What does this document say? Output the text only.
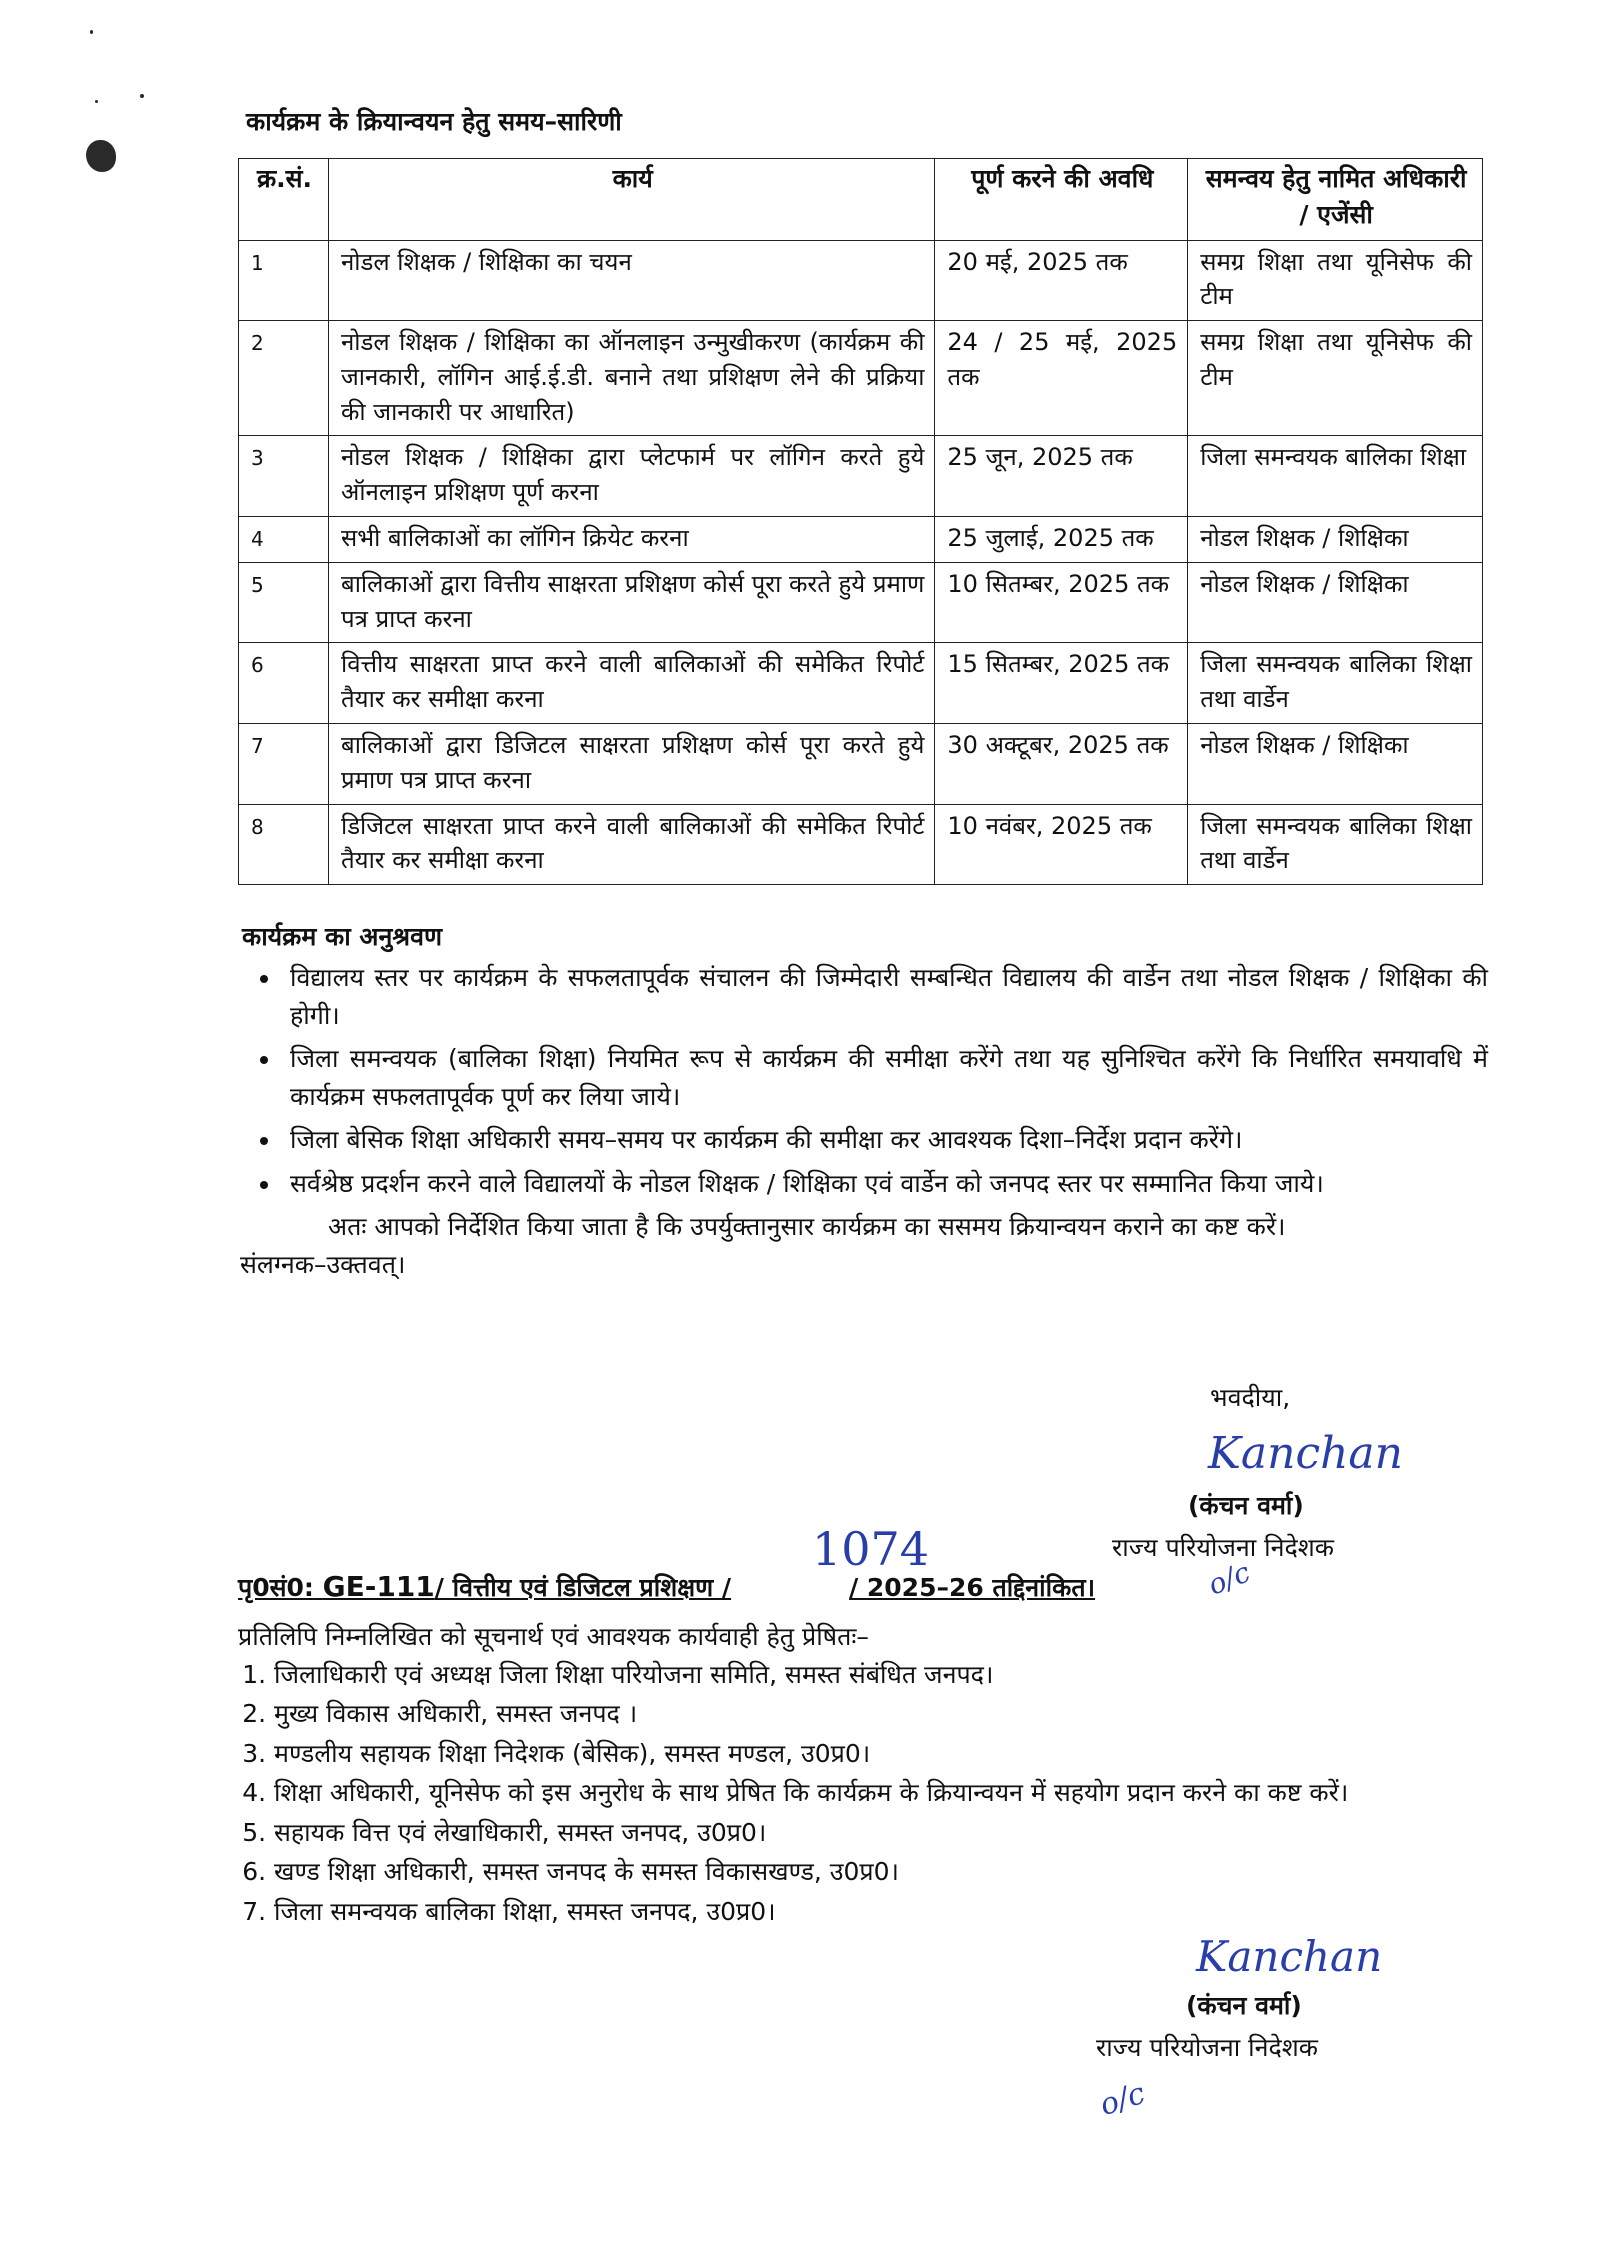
कार्यक्रम के क्रियान्वयन हेतु समय–सारिणी
क्र.सं.	कार्य	पूर्ण करने की अवधि	समन्वय हेतु नामित अधिकारी / एजेंसी
1	नोडल शिक्षक / शिक्षिका का चयन	20 मई, 2025 तक	समग्र शिक्षा तथा यूनिसेफ की टीम
2	नोडल शिक्षक / शिक्षिका का ऑनलाइन उन्मुखीकरण (कार्यक्रम की जानकारी, लॉगिन आई.ई.डी. बनाने तथा प्रशिक्षण लेने की प्रक्रिया की जानकारी पर आधारित)	24 / 25 मई, 2025 तक	समग्र शिक्षा तथा यूनिसेफ की टीम
3	नोडल शिक्षक / शिक्षिका द्वारा प्लेटफार्म पर लॉगिन करते हुये ऑनलाइन प्रशिक्षण पूर्ण करना	25 जून, 2025 तक	जिला समन्वयक बालिका शिक्षा
4	सभी बालिकाओं का लॉगिन क्रियेट करना	25 जुलाई, 2025 तक	नोडल शिक्षक / शिक्षिका
5	बालिकाओं द्वारा वित्तीय साक्षरता प्रशिक्षण कोर्स पूरा करते हुये प्रमाण पत्र प्राप्त करना	10 सितम्बर, 2025 तक	नोडल शिक्षक / शिक्षिका
6	वित्तीय साक्षरता प्राप्त करने वाली बालिकाओं की समेकित रिपोर्ट तैयार कर समीक्षा करना	15 सितम्बर, 2025 तक	जिला समन्वयक बालिका शिक्षा तथा वार्डेन
7	बालिकाओं द्वारा डिजिटल साक्षरता प्रशिक्षण कोर्स पूरा करते हुये प्रमाण पत्र प्राप्त करना	30 अक्टूबर, 2025 तक	नोडल शिक्षक / शिक्षिका
8	डिजिटल साक्षरता प्राप्त करने वाली बालिकाओं की समेकित रिपोर्ट तैयार कर समीक्षा करना	10 नवंबर, 2025 तक	जिला समन्वयक बालिका शिक्षा तथा वार्डेन
कार्यक्रम का अनुश्रवण
• विद्यालय स्तर पर कार्यक्रम के सफलतापूर्वक संचालन की जिम्मेदारी सम्बन्धित विद्यालय की वार्डेन तथा नोडल शिक्षक / शिक्षिका की होगी।
• जिला समन्वयक (बालिका शिक्षा) नियमित रूप से कार्यक्रम की समीक्षा करेंगे तथा यह सुनिश्चित करेंगे कि निर्धारित समयावधि में कार्यक्रम सफलतापूर्वक पूर्ण कर लिया जाये।
• जिला बेसिक शिक्षा अधिकारी समय–समय पर कार्यक्रम की समीक्षा कर आवश्यक दिशा–निर्देश प्रदान करेंगे।
• सर्वश्रेष्ठ प्रदर्शन करने वाले विद्यालयों के नोडल शिक्षक / शिक्षिका एवं वार्डेन को जनपद स्तर पर सम्मानित किया जाये।

अतः आपको निर्देशित किया जाता है कि उपर्युक्तानुसार कार्यक्रम का ससमय क्रियान्वयन कराने का कष्ट करें।

संलग्नक–उक्तवत्।

भवदीया,
Kanchan
(कंचन वर्मा)
राज्य परियोजना निदेशक
1074
पृ0सं0: GE-111/ वित्तीय एवं डिजिटल प्रशिक्षण /	/ 2025–26 तद्दिनांकित।	o/c
प्रतिलिपि निम्नलिखित को सूचनार्थ एवं आवश्यक कार्यवाही हेतु प्रेषितः–
1. जिलाधिकारी एवं अध्यक्ष जिला शिक्षा परियोजना समिति, समस्त संबंधित जनपद।
2. मुख्य विकास अधिकारी, समस्त जनपद ।
3. मण्डलीय सहायक शिक्षा निदेशक (बेसिक), समस्त मण्डल, उ0प्र0।
4. शिक्षा अधिकारी, यूनिसेफ को इस अनुरोध के साथ प्रेषित कि कार्यक्रम के क्रियान्वयन में सहयोग प्रदान करने का कष्ट करें।
5. सहायक वित्त एवं लेखाधिकारी, समस्त जनपद, उ0प्र0।
6. खण्ड शिक्षा अधिकारी, समस्त जनपद के समस्त विकासखण्ड, उ0प्र0।
7. जिला समन्वयक बालिका शिक्षा, समस्त जनपद, उ0प्र0।
Kanchan
(कंचन वर्मा)
राज्य परियोजना निदेशक
o/c
